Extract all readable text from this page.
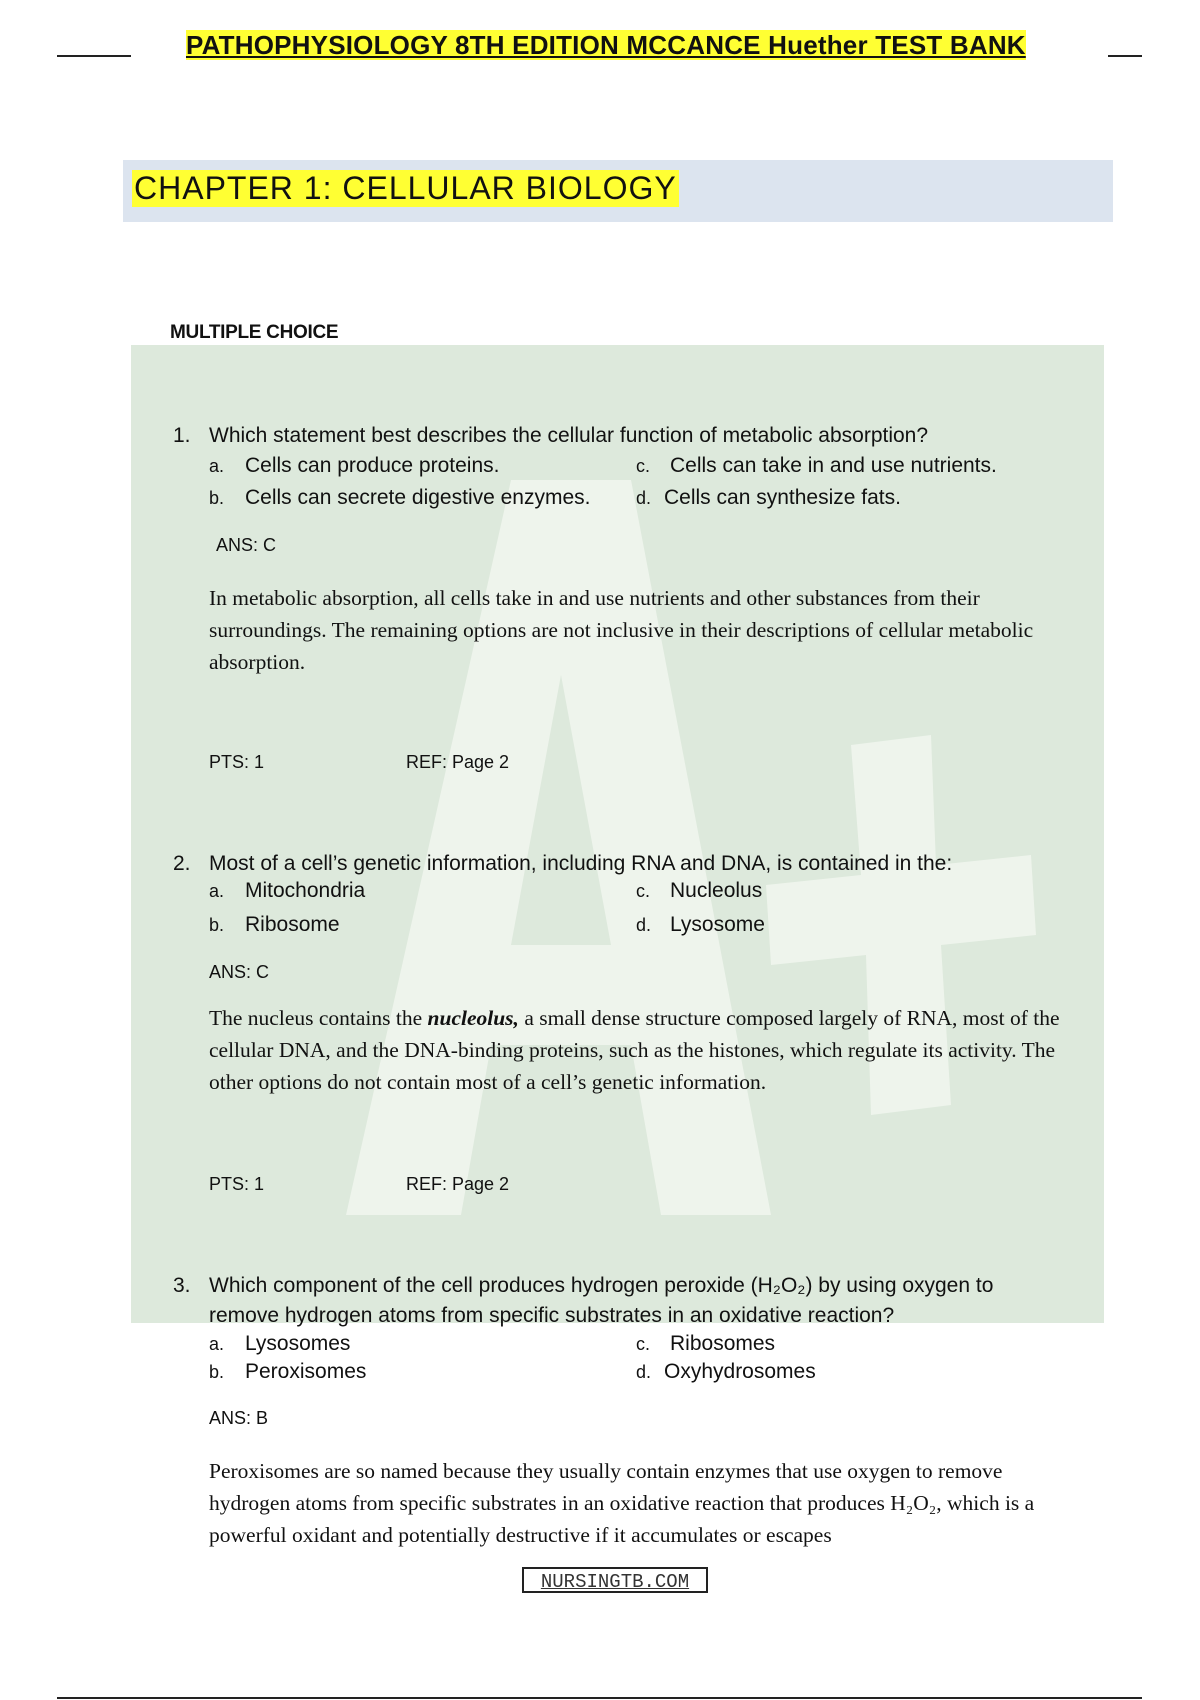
PATHOPHYSIOLOGY 8TH EDITION MCCANCE Huether TEST BANK
CHAPTER 1: CELLULAR BIOLOGY
MULTIPLE CHOICE
1. Which statement best describes the cellular function of metabolic absorption?
a. Cells can produce proteins.	c. Cells can take in and use nutrients.
b. Cells can secrete digestive enzymes.	d. Cells can synthesize fats.
ANS: C
In metabolic absorption, all cells take in and use nutrients and other substances from their surroundings. The remaining options are not inclusive in their descriptions of cellular metabolic absorption.
PTS: 1	REF: Page 2
2. Most of a cell’s genetic information, including RNA and DNA, is contained in the:
a. Mitochondria	c. Nucleolus
b. Ribosome	d. Lysosome
ANS: C
The nucleus contains the nucleolus, a small dense structure composed largely of RNA, most of the cellular DNA, and the DNA-binding proteins, such as the histones, which regulate its activity. The other options do not contain most of a cell’s genetic information.
PTS: 1	REF: Page 2
3. Which component of the cell produces hydrogen peroxide (H₂O₂) by using oxygen to
remove hydrogen atoms from specific substrates in an oxidative reaction?
a. Lysosomes	c. Ribosomes
b. Peroxisomes	d. Oxyhydrosomes
ANS: B
Peroxisomes are so named because they usually contain enzymes that use oxygen to remove hydrogen atoms from specific substrates in an oxidative reaction that produces H₂O₂, which is a powerful oxidant and potentially destructive if it accumulates or escapes
NURSINGTB.COM
